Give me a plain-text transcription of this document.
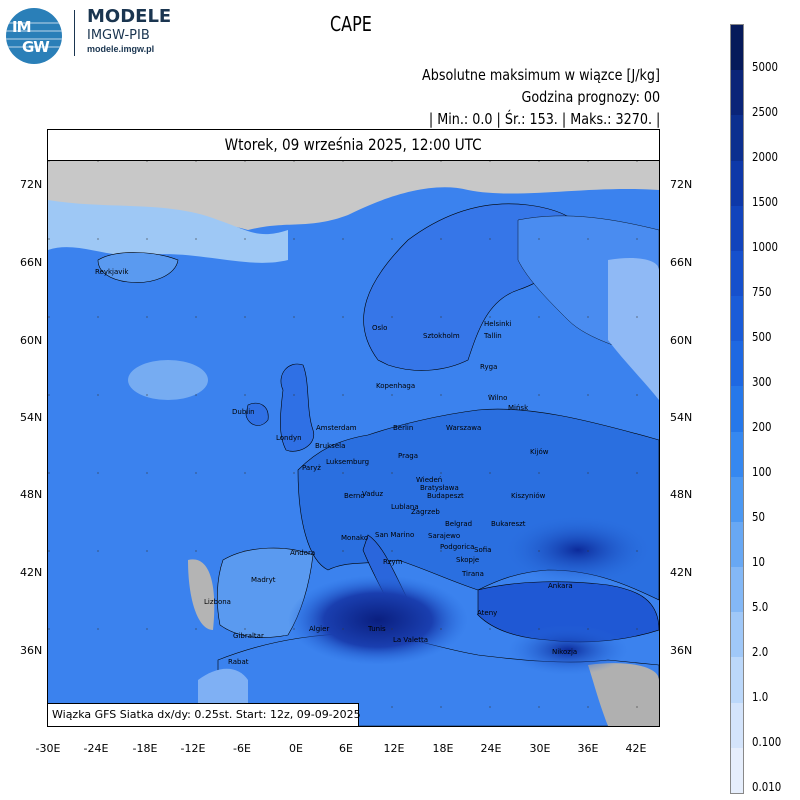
IM
GW
MODELE
IMGW-PIB
modele.imgw.pl
CAPE
Absolutne maksimum w wiązce [J/kg]
Godzina prognozy: 00
| Min.: 0.0 | Śr.: 153. | Maks.: 3270. |
Wtorek, 09 września 2025, 12:00 UTC
Reykjavik
Oslo
Sztokholm
Helsinki
Tallin
Ryga
Kopenhaga
Wilno
Mińsk
Dublin
Amsterdam	Berlin	Warszawa
Londyn
Bruksela
Luksemburg
Praga	Kijów
Paryż
Wiedeń
Bratysława
Budapeszt
Vaduz
Berno	Kiszyniów
Lublana
Zagrzeb
Belgrad	Bukareszt
Monako San Marino Sarajewo
Podgorica Sofia
Skopje
Andora
Rzym
Tirana
Madryt
Ankara
Lizbona
Algier	Tunis
Ateny
Gibraltar	La Valetta
Rabat
Nikozja
72N
66N
60N
54N
48N
42N
36N
72N
66N
60N
54N
48N
42N
36N
-30E	-24E	-18E	-12E	-6E	0E	6E	12E	18E	24E	30E	36E	42E
Wiązka GFS Siatka dx/dy: 0.25st. Start: 12z, 09-09-2025
5000
2500
2000
1500
1000
750
500
300
200
100
50
10
5.0
2.0
1.0
0.100
0.010
